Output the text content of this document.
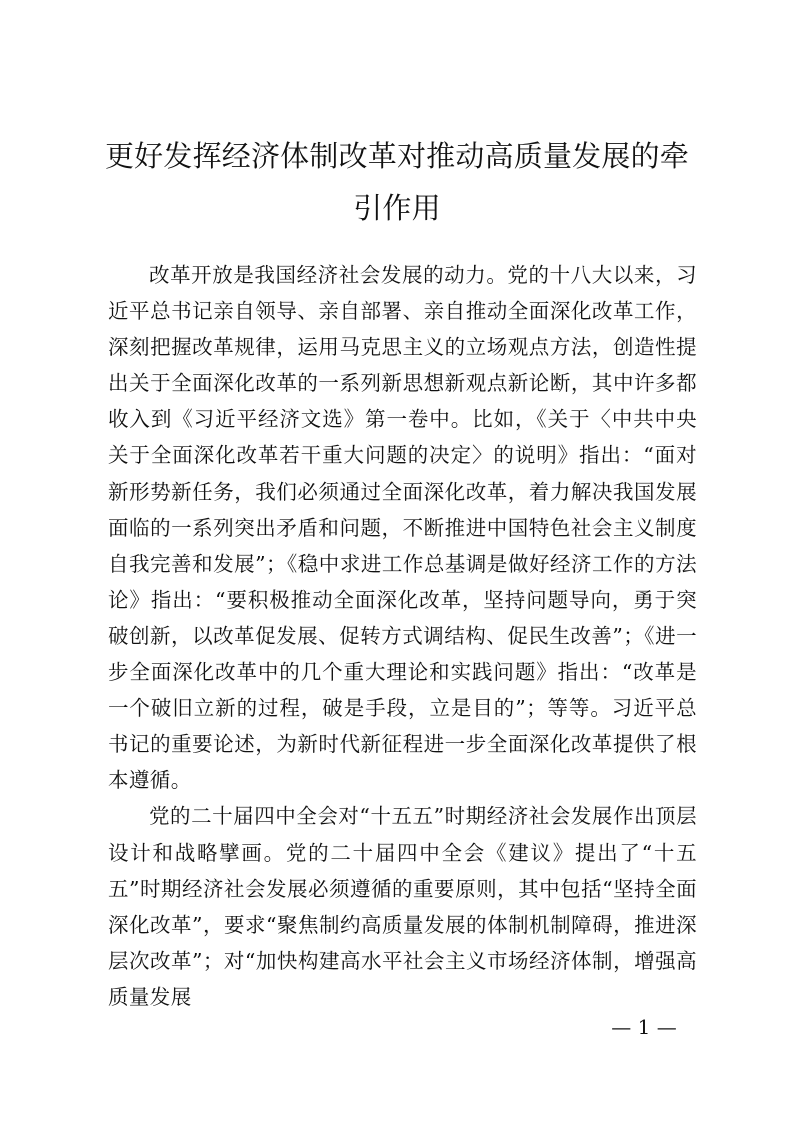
更好发挥经济体制改革对推动高质量发展的牵
引作用

改革开放是我国经济社会发展的动力。党的十八大以来，习近平总书记亲自领导、亲自部署、亲自推动全面深化改革工作，深刻把握改革规律，运用马克思主义的立场观点方法，创造性提出关于全面深化改革的一系列新思想新观点新论断，其中许多都收入到《习近平经济文选》第一卷中。比如，《关于〈中共中央关于全面深化改革若干重大问题的决定〉的说明》指出：“面对新形势新任务，我们必须通过全面深化改革，着力解决我国发展面临的一系列突出矛盾和问题，不断推进中国特色社会主义制度自我完善和发展”；《稳中求进工作总基调是做好经济工作的方法论》指出：“要积极推动全面深化改革，坚持问题导向，勇于突破创新，以改革促发展、促转方式调结构、促民生改善”；《进一步全面深化改革中的几个重大理论和实践问题》指出：“改革是一个破旧立新的过程，破是手段，立是目的”；等等。习近平总书记的重要论述，为新时代新征程进一步全面深化改革提供了根本遵循。

党的二十届四中全会对“十五五”时期经济社会发展作出顶层设计和战略擘画。党的二十届四中全会《建议》提出了“十五五”时期经济社会发展必须遵循的重要原则，其中包括“坚持全面深化改革”，要求“聚焦制约高质量发展的体制机制障碍，推进深层次改革”；对“加快构建高水平社会主义市场经济体制，增强高质量发展

— 1 —
